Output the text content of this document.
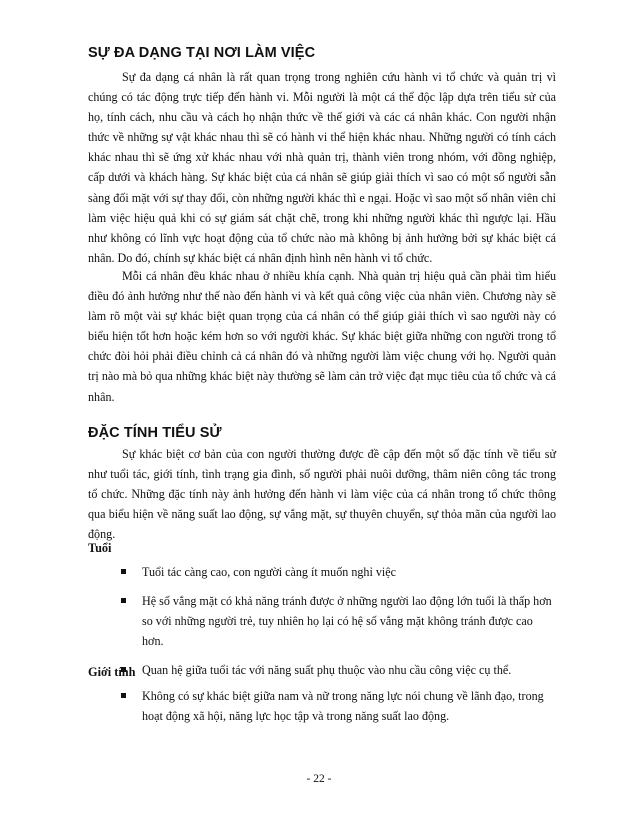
SỰ ĐA DẠNG TẠI NƠI LÀM VIỆC

Sự đa dạng cá nhân là rất quan trọng trong nghiên cứu hành vi tổ chức và quản trị vì chúng có tác động trực tiếp đến hành vi. Mỗi người là một cá thể độc lập dựa trên tiểu sử của họ, tính cách, nhu cầu và cách họ nhận thức về thế giới và các cá nhân khác. Con người nhận thức về những sự vật khác nhau thì sẽ có hành vi thể hiện khác nhau. Những người có tính cách khác nhau thì sẽ ứng xử khác nhau với nhà quản trị, thành viên trong nhóm, với đồng nghiệp, cấp dưới và khách hàng. Sự khác biệt của cá nhân sẽ giúp giải thích vì sao có một số người sẵn sàng đối mặt với sự thay đổi, còn những người khác thì e ngại. Hoặc vì sao một số nhân viên chỉ làm việc hiệu quả khi có sự giám sát chặt chẽ, trong khi những người khác thì ngược lại. Hầu như không có lĩnh vực hoạt động của tổ chức nào mà không bị ảnh hưởng bởi sự khác biệt cá nhân. Do đó, chính sự khác biệt cá nhân định hình nên hành vi tổ chức.

Mỗi cá nhân đều khác nhau ở nhiều khía cạnh. Nhà quản trị hiệu quả cần phải tìm hiểu điều đó ảnh hưởng như thế nào đến hành vi và kết quả công việc của nhân viên. Chương này sẽ làm rõ một vài sự khác biệt quan trọng của cá nhân có thể giúp giải thích vì sao người này có biểu hiện tốt hơn hoặc kém hơn so với người khác. Sự khác biệt giữa những con người trong tổ chức đòi hỏi phải điều chỉnh cả cá nhân đó và những người làm việc chung với họ. Người quản trị nào mà bỏ qua những khác biệt này thường sẽ làm cản trở việc đạt mục tiêu của tổ chức và cá nhân.

ĐẶC TÍNH TIỂU SỬ

Sự khác biệt cơ bản của con người thường được đề cập đến một số đặc tính về tiểu sử như tuổi tác, giới tính, tình trạng gia đình, số người phải nuôi dưỡng, thâm niên công tác trong tổ chức. Những đặc tính này ảnh hưởng đến hành vi làm việc của cá nhân trong tổ chức thông qua biểu hiện về năng suất lao động, sự vắng mặt, sự thuyên chuyển, sự thỏa mãn của người lao động.

Tuổi

Tuổi tác càng cao, con người càng ít muốn nghỉ việc
Hệ số vắng mặt có khả năng tránh được ở những người lao động lớn tuổi là thấp hơn so với những người trẻ, tuy nhiên họ lại có hệ số vắng mặt không tránh được cao hơn.
Quan hệ giữa tuổi tác với năng suất phụ thuộc vào nhu cầu công việc cụ thể.

Giới tính

Không có sự khác biệt giữa nam và nữ trong năng lực nói chung về lãnh đạo, trong hoạt động xã hội, năng lực học tập và trong năng suất lao động.
- 22 -
